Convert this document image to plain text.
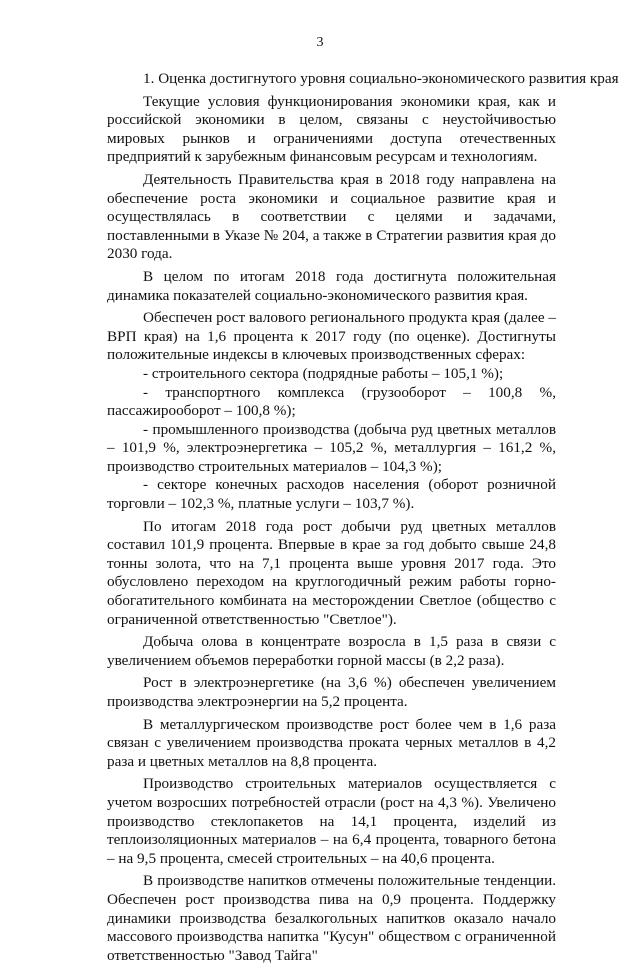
3

1. Оценка достигнутого уровня социально-экономического развития края

Текущие условия функционирования экономики края, как и российской экономики в целом, связаны с неустойчивостью мировых рынков и ограничениями доступа отечественных предприятий к зарубежным финансовым ресурсам и технологиям.

Деятельность Правительства края в 2018 году направлена на обеспечение роста экономики и социальное развитие края и осуществлялась в соответствии с целями и задачами, поставленными в Указе № 204, а также в Стратегии развития края до 2030 года.

В целом по итогам 2018 года достигнута положительная динамика показателей социально-экономического развития края.

Обеспечен рост валового регионального продукта края (далее – ВРП края) на 1,6 процента к 2017 году (по оценке). Достигнуты положительные индексы в ключевых производственных сферах:

- строительного сектора (подрядные работы – 105,1 %);

- транспортного комплекса (грузооборот – 100,8 %, пассажирооборот – 100,8 %);

- промышленного производства (добыча руд цветных металлов – 101,9 %, электроэнергетика – 105,2 %, металлургия – 161,2 %, производство строительных материалов – 104,3 %);

- секторе конечных расходов населения (оборот розничной торговли – 102,3 %, платные услуги – 103,7 %).

По итогам 2018 года рост добычи руд цветных металлов составил 101,9 процента. Впервые в крае за год добыто свыше 24,8 тонны золота, что на 7,1 процента выше уровня 2017 года. Это обусловлено переходом на круглогодичный режим работы горно-обогатительного комбината на месторождении Светлое (общество с ограниченной ответственностью "Светлое").

Добыча олова в концентрате возросла в 1,5 раза в связи с увеличением объемов переработки горной массы (в 2,2 раза).

Рост в электроэнергетике (на 3,6 %) обеспечен увеличением производства электроэнергии на 5,2 процента.

В металлургическом производстве рост более чем в 1,6 раза связан с увеличением производства проката черных металлов в 4,2 раза и цветных металлов на 8,8 процента.

Производство строительных материалов осуществляется с учетом возросших потребностей отрасли (рост на 4,3 %). Увеличено производство стеклопакетов на 14,1 процента, изделий из теплоизоляционных материалов – на 6,4 процента, товарного бетона – на 9,5 процента, смесей строительных – на 40,6 процента.

В производстве напитков отмечены положительные тенденции. Обеспечен рост производства пива на 0,9 процента. Поддержку динамики производства безалкогольных напитков оказало начало массового производства напитка "Кусун" обществом с ограниченной ответственностью "Завод Тайга"
